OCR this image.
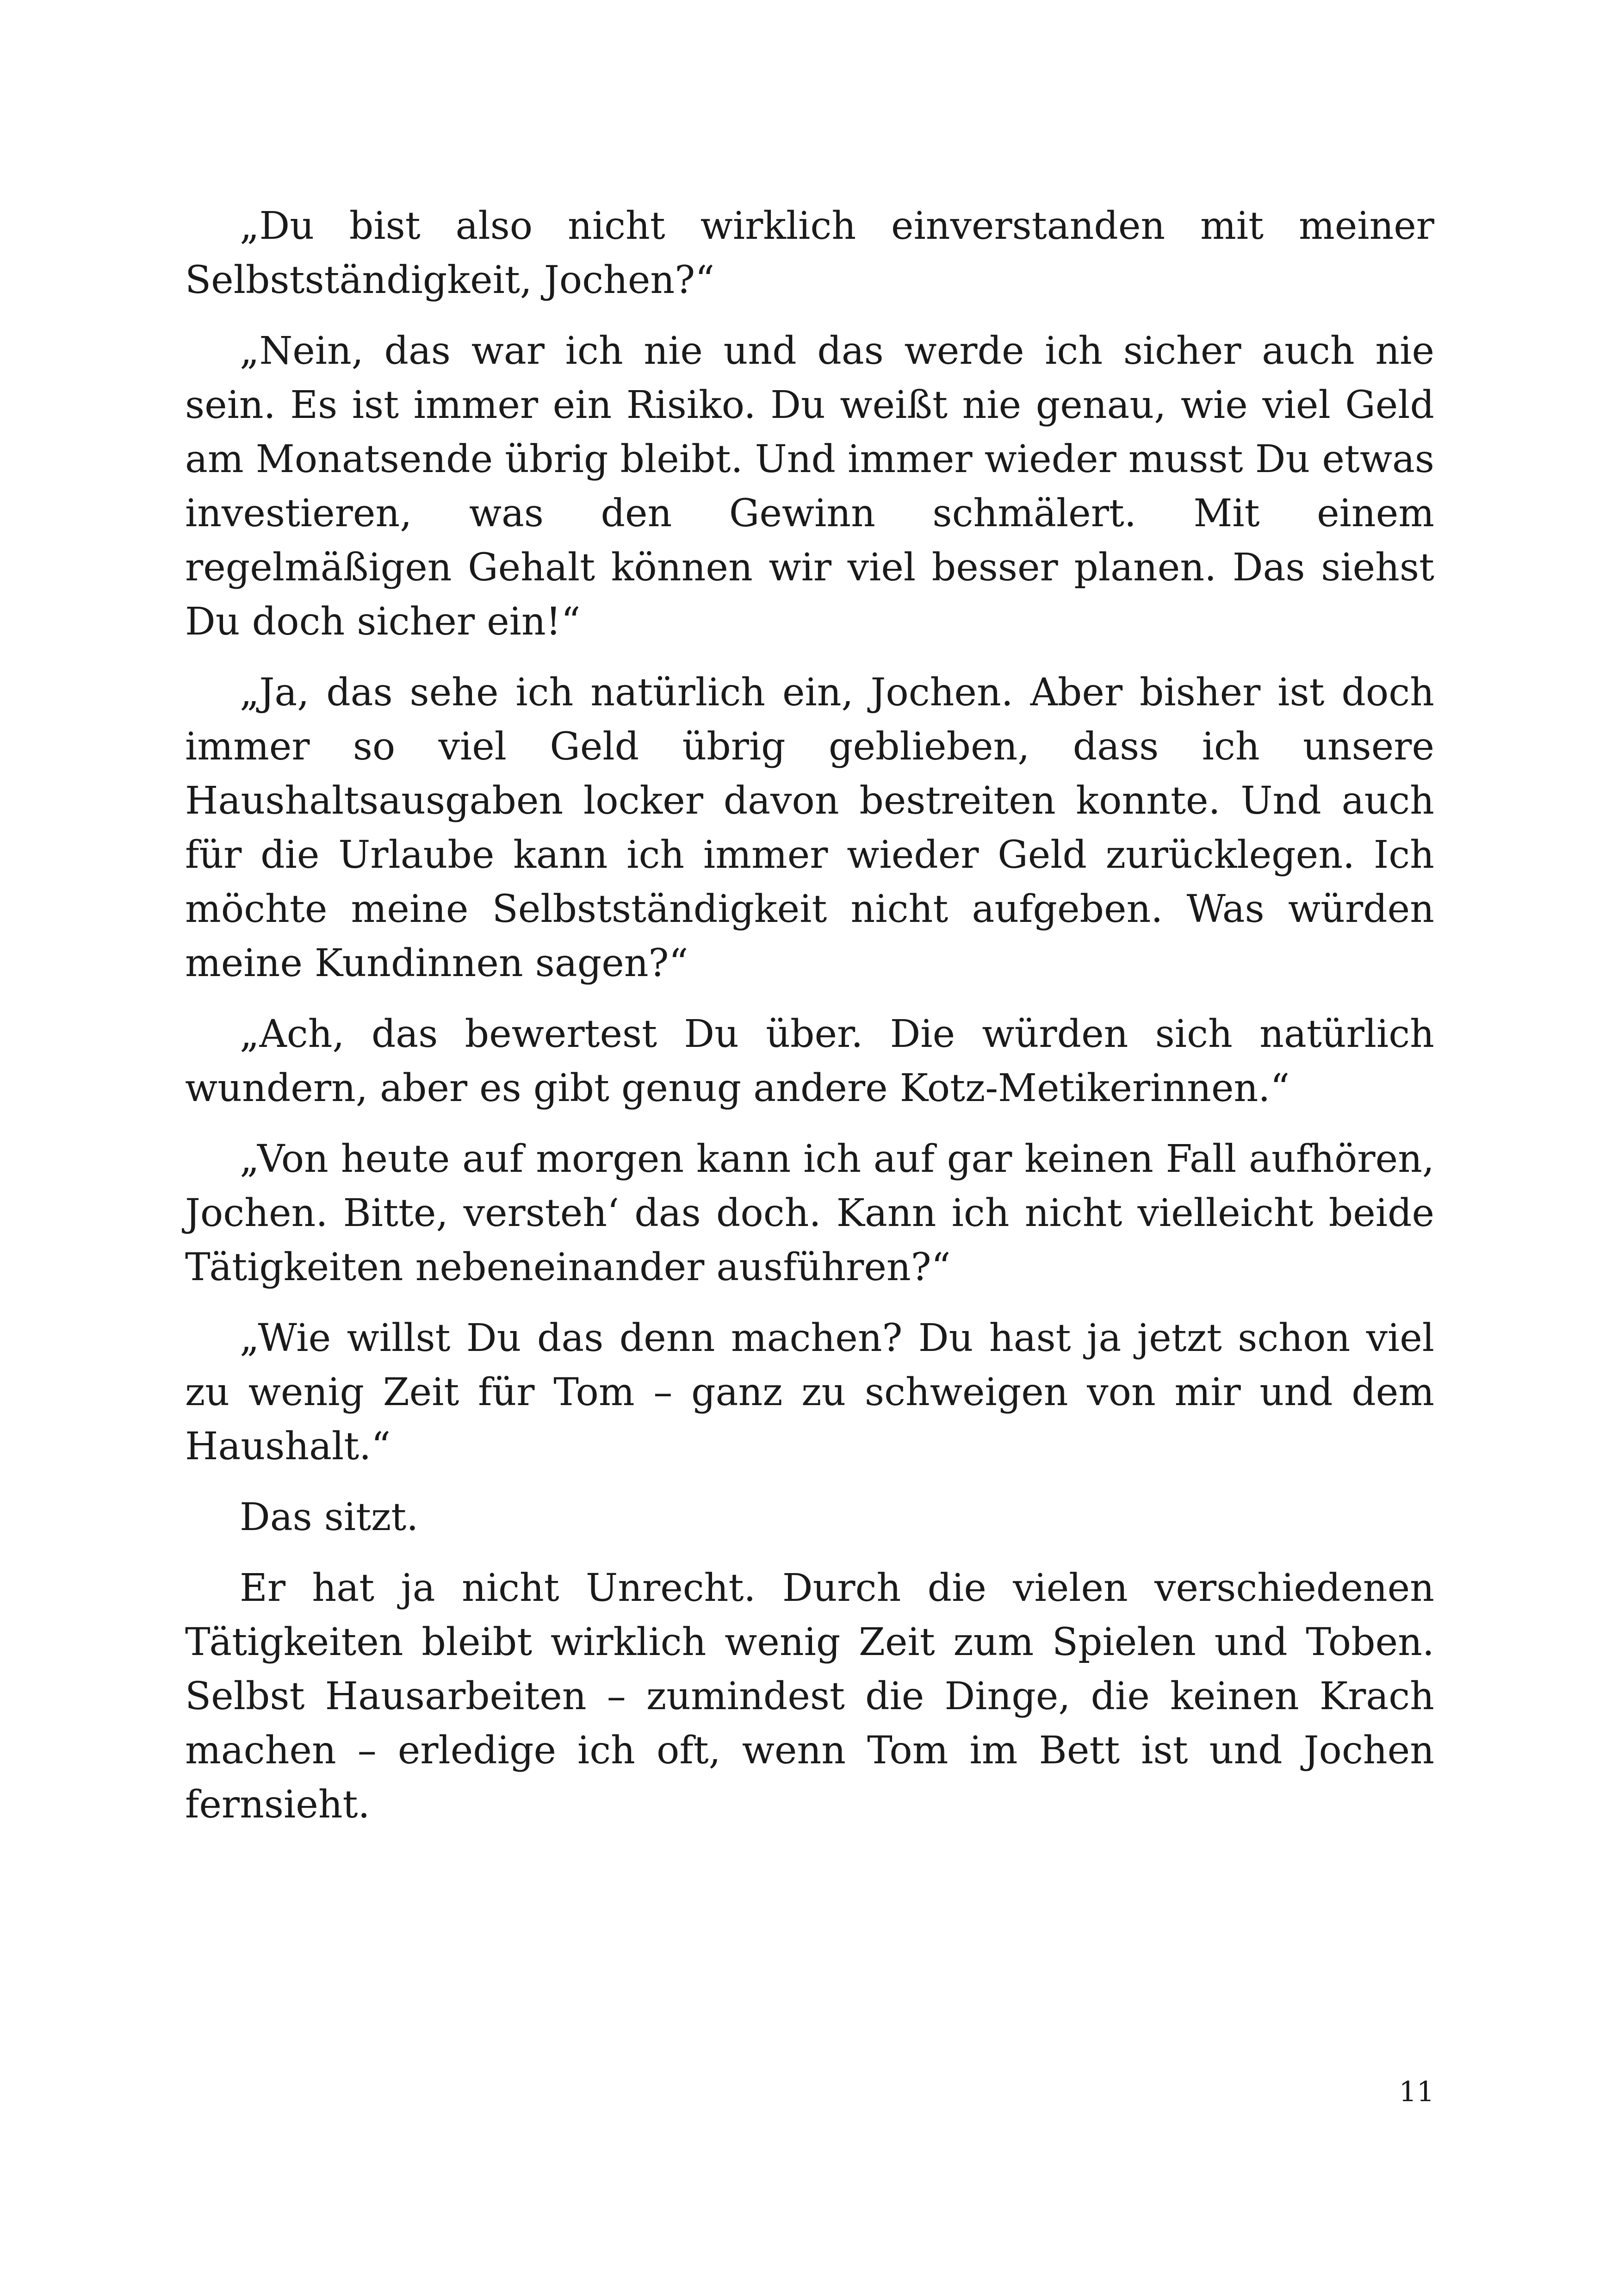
„Du bist also nicht wirklich einverstanden mit meiner Selbstständigkeit, Jochen?“

„Nein, das war ich nie und das werde ich sicher auch nie sein. Es ist immer ein Risiko. Du weißt nie genau, wie viel Geld am Monatsende übrig bleibt. Und immer wieder musst Du etwas investieren, was den Gewinn schmälert. Mit einem regelmäßigen Gehalt können wir viel besser planen. Das siehst Du doch sicher ein!“

„Ja, das sehe ich natürlich ein, Jochen. Aber bisher ist doch immer so viel Geld übrig geblieben, dass ich unsere Haushaltsausgaben locker davon bestreiten konnte. Und auch für die Urlaube kann ich immer wieder Geld zurücklegen. Ich möchte meine Selbstständigkeit nicht aufgeben. Was würden meine Kundinnen sagen?“

„Ach, das bewertest Du über. Die würden sich natürlich wundern, aber es gibt genug andere Kotz-Metikerinnen.“

„Von heute auf morgen kann ich auf gar keinen Fall aufhören, Jochen. Bitte, versteh‘ das doch. Kann ich nicht vielleicht beide Tätigkeiten nebeneinander ausführen?“

„Wie willst Du das denn machen? Du hast ja jetzt schon viel zu wenig Zeit für Tom – ganz zu schweigen von mir und dem Haushalt.“

Das sitzt.

Er hat ja nicht Unrecht. Durch die vielen verschiedenen Tätigkeiten bleibt wirklich wenig Zeit zum Spielen und Toben. Selbst Hausarbeiten – zumindest die Dinge, die keinen Krach machen – erledige ich oft, wenn Tom im Bett ist und Jochen fernsieht.

11
